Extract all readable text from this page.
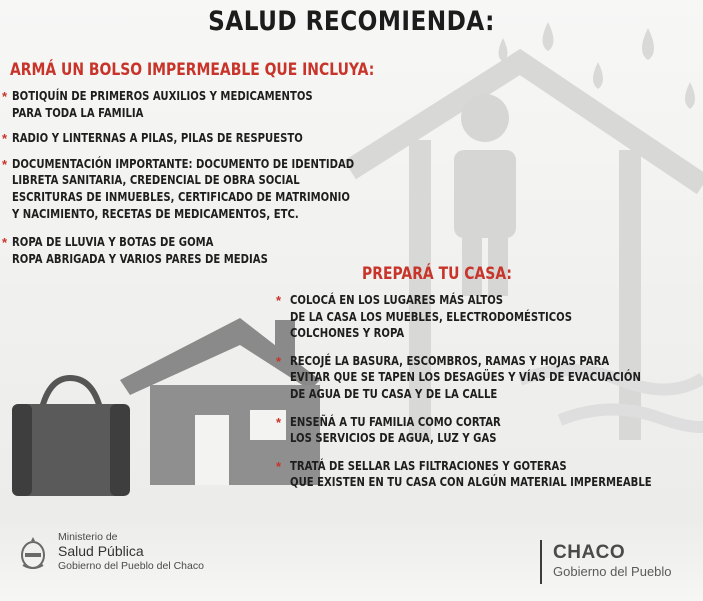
SALUD RECOMIENDA:
ARMÁ UN BOLSO IMPERMEABLE QUE INCLUYA:
* BOTIQUÍN DE PRIMEROS AUXILIOS Y MEDICAMENTOS
PARA TODA LA FAMILIA
* RADIO Y LINTERNAS A PILAS, PILAS DE RESPUESTO
* DOCUMENTACIÓN IMPORTANTE: DOCUMENTO DE IDENTIDAD
LIBRETA SANITARIA, CREDENCIAL DE OBRA SOCIAL
ESCRITURAS DE INMUEBLES, CERTIFICADO DE MATRIMONIO
Y NACIMIENTO, RECETAS DE MEDICAMENTOS, ETC.
* ROPA DE LLUVIA Y BOTAS DE GOMA
ROPA ABRIGADA Y VARIOS PARES DE MEDIAS
PREPARÁ TU CASA:
* COLOCÁ EN LOS LUGARES MÁS ALTOS
DE LA CASA LOS MUEBLES, ELECTRODOMÉSTICOS
COLCHONES Y ROPA
* RECOJÉ LA BASURA, ESCOMBROS, RAMAS Y HOJAS PARA
EVITAR QUE SE TAPEN LOS DESAGÜES Y VÍAS DE EVACUACIÓN
DE AGUA DE TU CASA Y DE LA CALLE
* ENSEÑÁ A TU FAMILIA COMO CORTAR
LOS SERVICIOS DE AGUA, LUZ Y GAS
* TRATÁ DE SELLAR LAS FILTRACIONES Y GOTERAS
QUE EXISTEN EN TU CASA CON ALGÚN MATERIAL IMPERMEABLE
Ministerio de
Salud Pública
Gobierno del Pueblo del Chaco
CHACO
Gobierno del Pueblo
